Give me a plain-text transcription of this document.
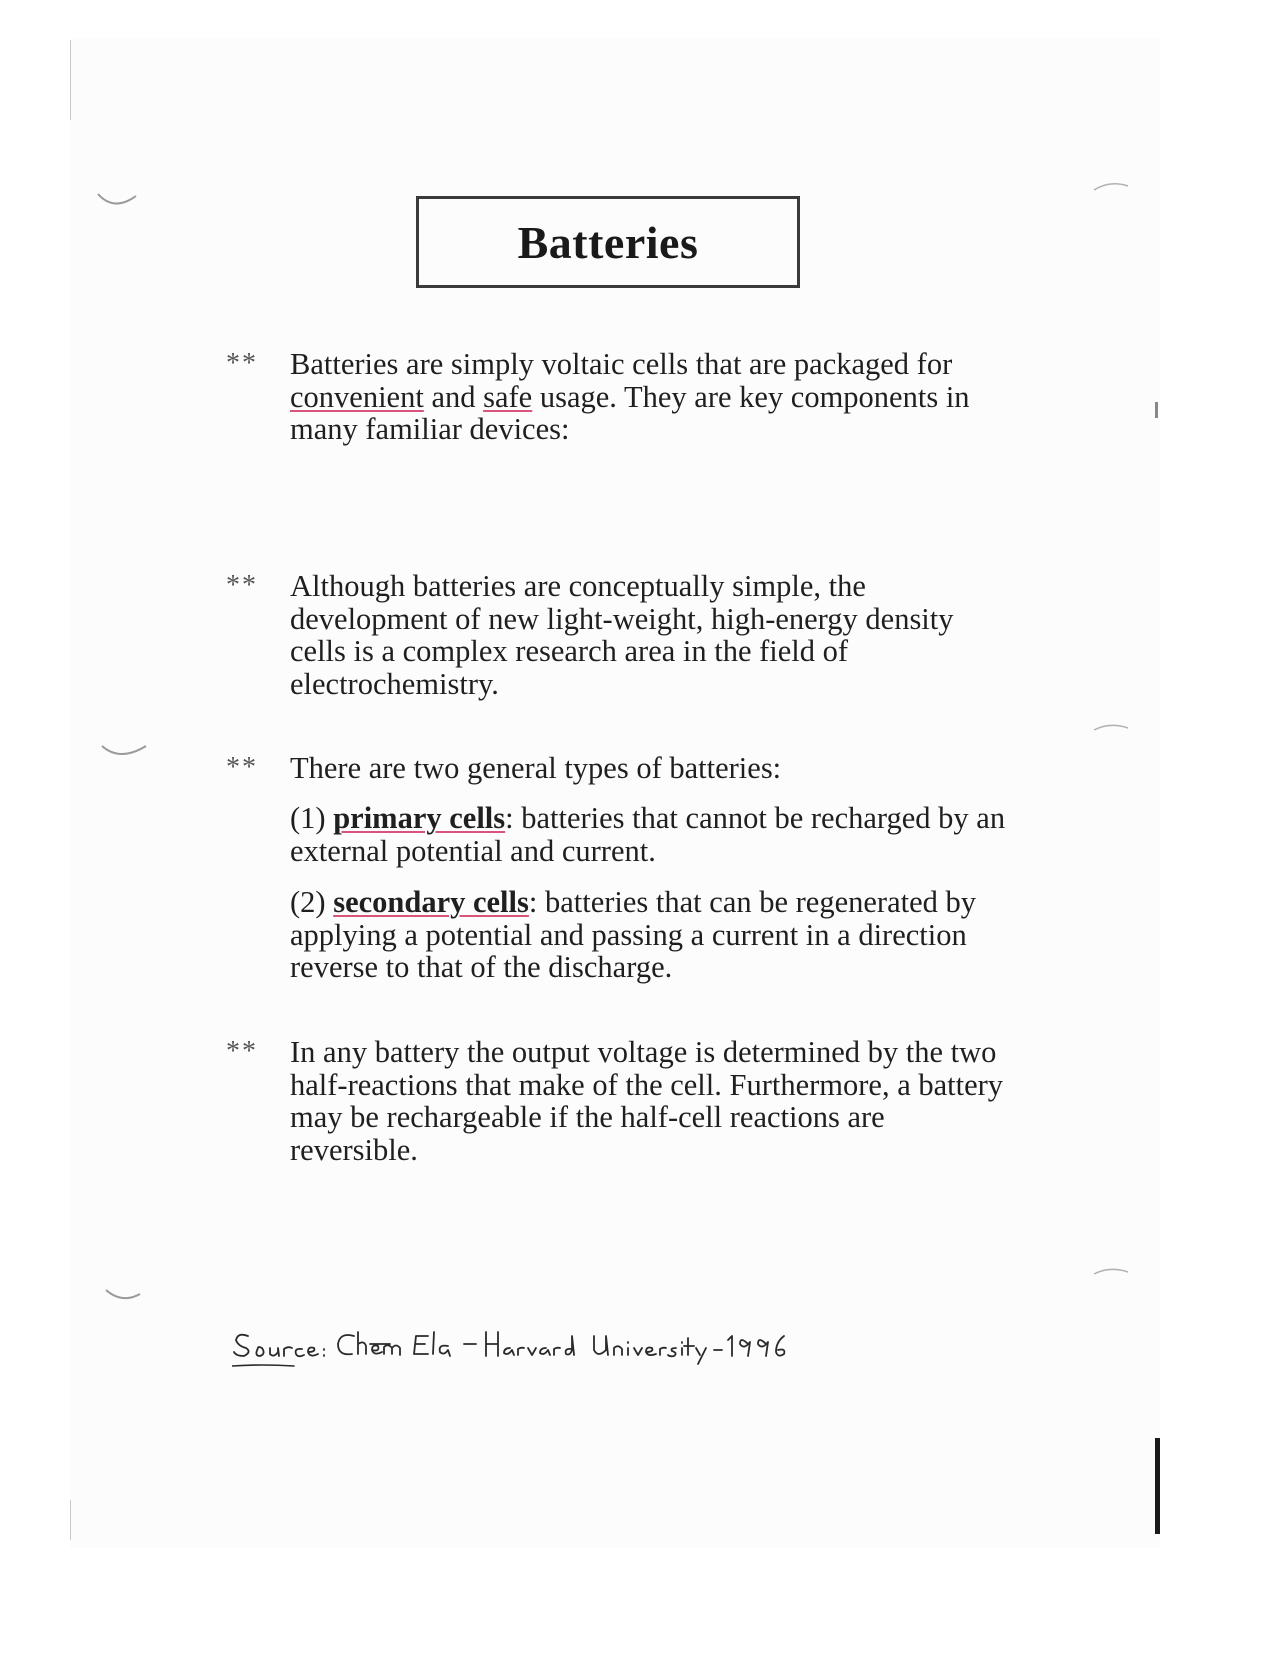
Batteries
** Batteries are simply voltaic cells that are packaged for convenient and safe usage. They are key components in many familiar devices:
** Although batteries are conceptually simple, the development of new light-weight, high-energy density cells is a complex research area in the field of electrochemistry.
** There are two general types of batteries:
(1) primary cells: batteries that cannot be recharged by an external potential and current.
(2) secondary cells: batteries that can be regenerated by applying a potential and passing a current in a direction reverse to that of the discharge.
** In any battery the output voltage is determined by the two half-reactions that make of the cell. Furthermore, a battery may be rechargeable if the half-cell reactions are reversible.
